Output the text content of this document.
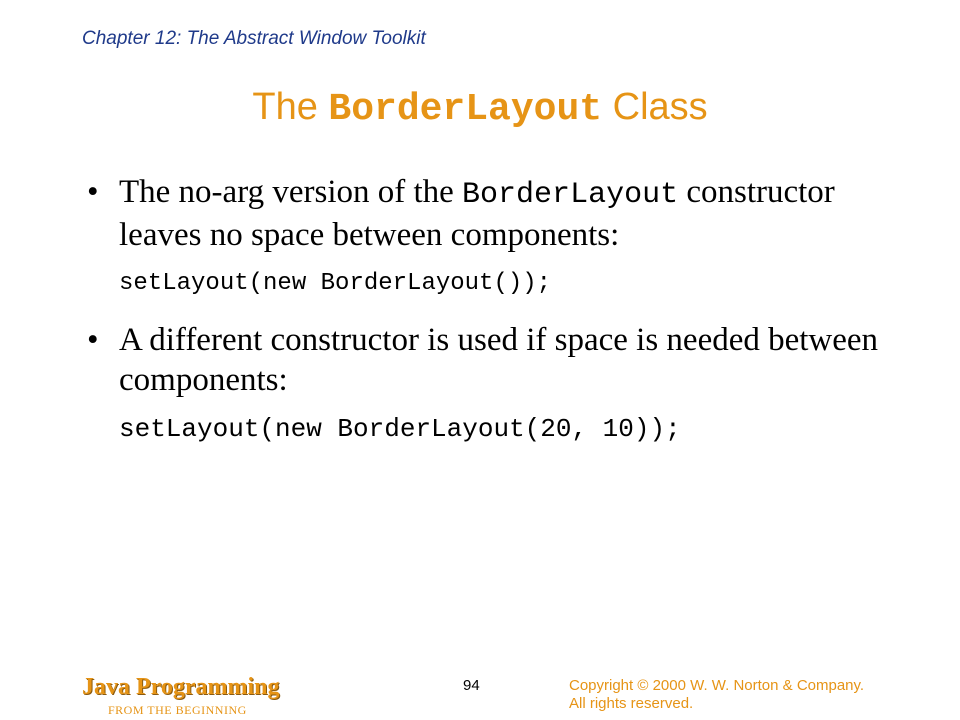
Chapter 12: The Abstract Window Toolkit
The BorderLayout Class
• The no-arg version of the BorderLayout constructor leaves no space between components:
setLayout(new BorderLayout());
• A different constructor is used if space is needed between components:
setLayout(new BorderLayout(20, 10));
Java Programming
FROM THE BEGINNING
94	Copyright © 2000 W. W. Norton & Company.
All rights reserved.
